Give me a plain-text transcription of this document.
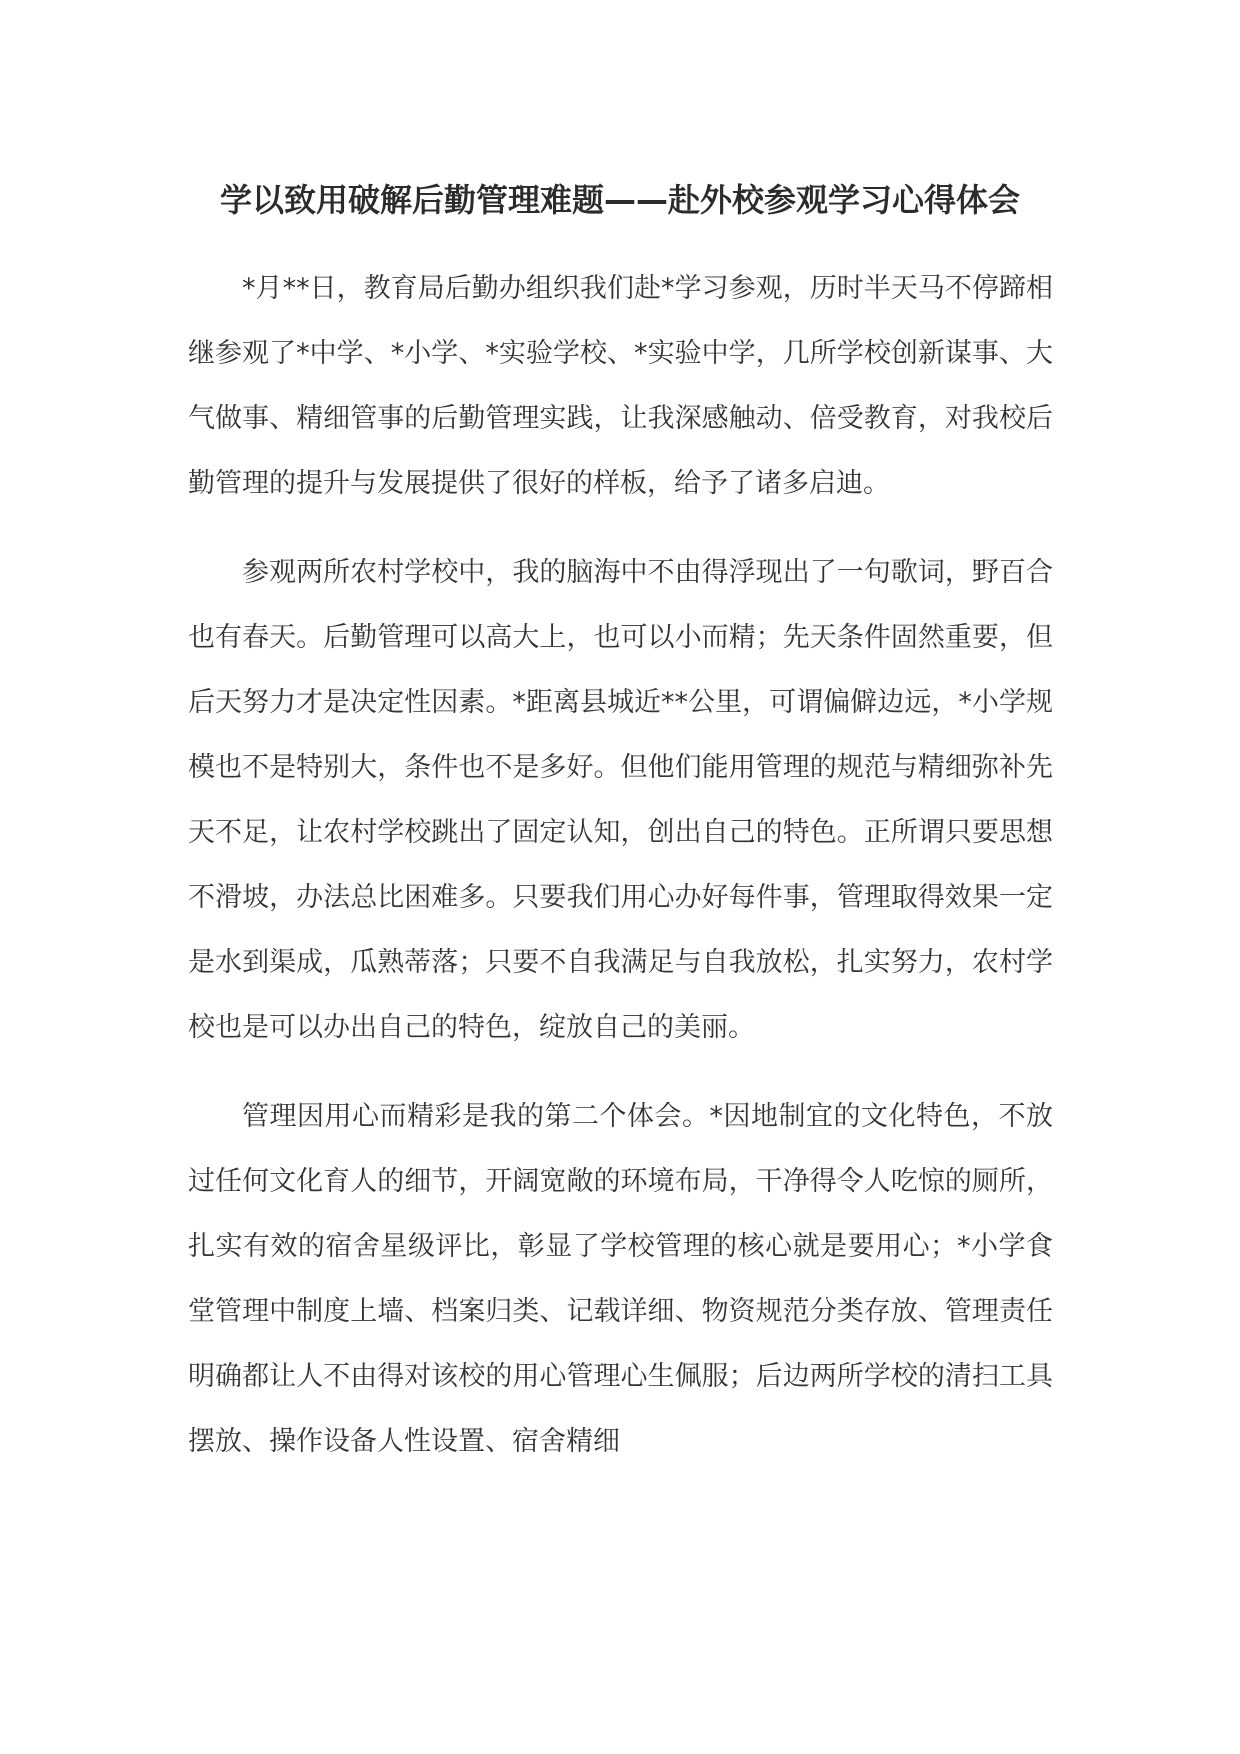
学以致用破解后勤管理难题——赴外校参观学习心得体会

*月**日，教育局后勤办组织我们赴*学习参观，历时半天马不停蹄相继参观了*中学、*小学、*实验学校、*实验中学，几所学校创新谋事、大气做事、精细管事的后勤管理实践，让我深感触动、倍受教育，对我校后勤管理的提升与发展提供了很好的样板，给予了诸多启迪。

参观两所农村学校中，我的脑海中不由得浮现出了一句歌词，野百合也有春天。后勤管理可以高大上，也可以小而精；先天条件固然重要，但后天努力才是决定性因素。*距离县城近**公里，可谓偏僻边远，*小学规模也不是特别大，条件也不是多好。但他们能用管理的规范与精细弥补先天不足，让农村学校跳出了固定认知，创出自己的特色。正所谓只要思想不滑坡，办法总比困难多。只要我们用心办好每件事，管理取得效果一定是水到渠成，瓜熟蒂落；只要不自我满足与自我放松，扎实努力，农村学校也是可以办出自己的特色，绽放自己的美丽。

管理因用心而精彩是我的第二个体会。*因地制宜的文化特色，不放过任何文化育人的细节，开阔宽敞的环境布局，干净得令人吃惊的厕所，扎实有效的宿舍星级评比，彰显了学校管理的核心就是要用心；*小学食堂管理中制度上墙、档案归类、记载详细、物资规范分类存放、管理责任明确都让人不由得对该校的用心管理心生佩服；后边两所学校的清扫工具摆放、操作设备人性设置、宿舍精细
